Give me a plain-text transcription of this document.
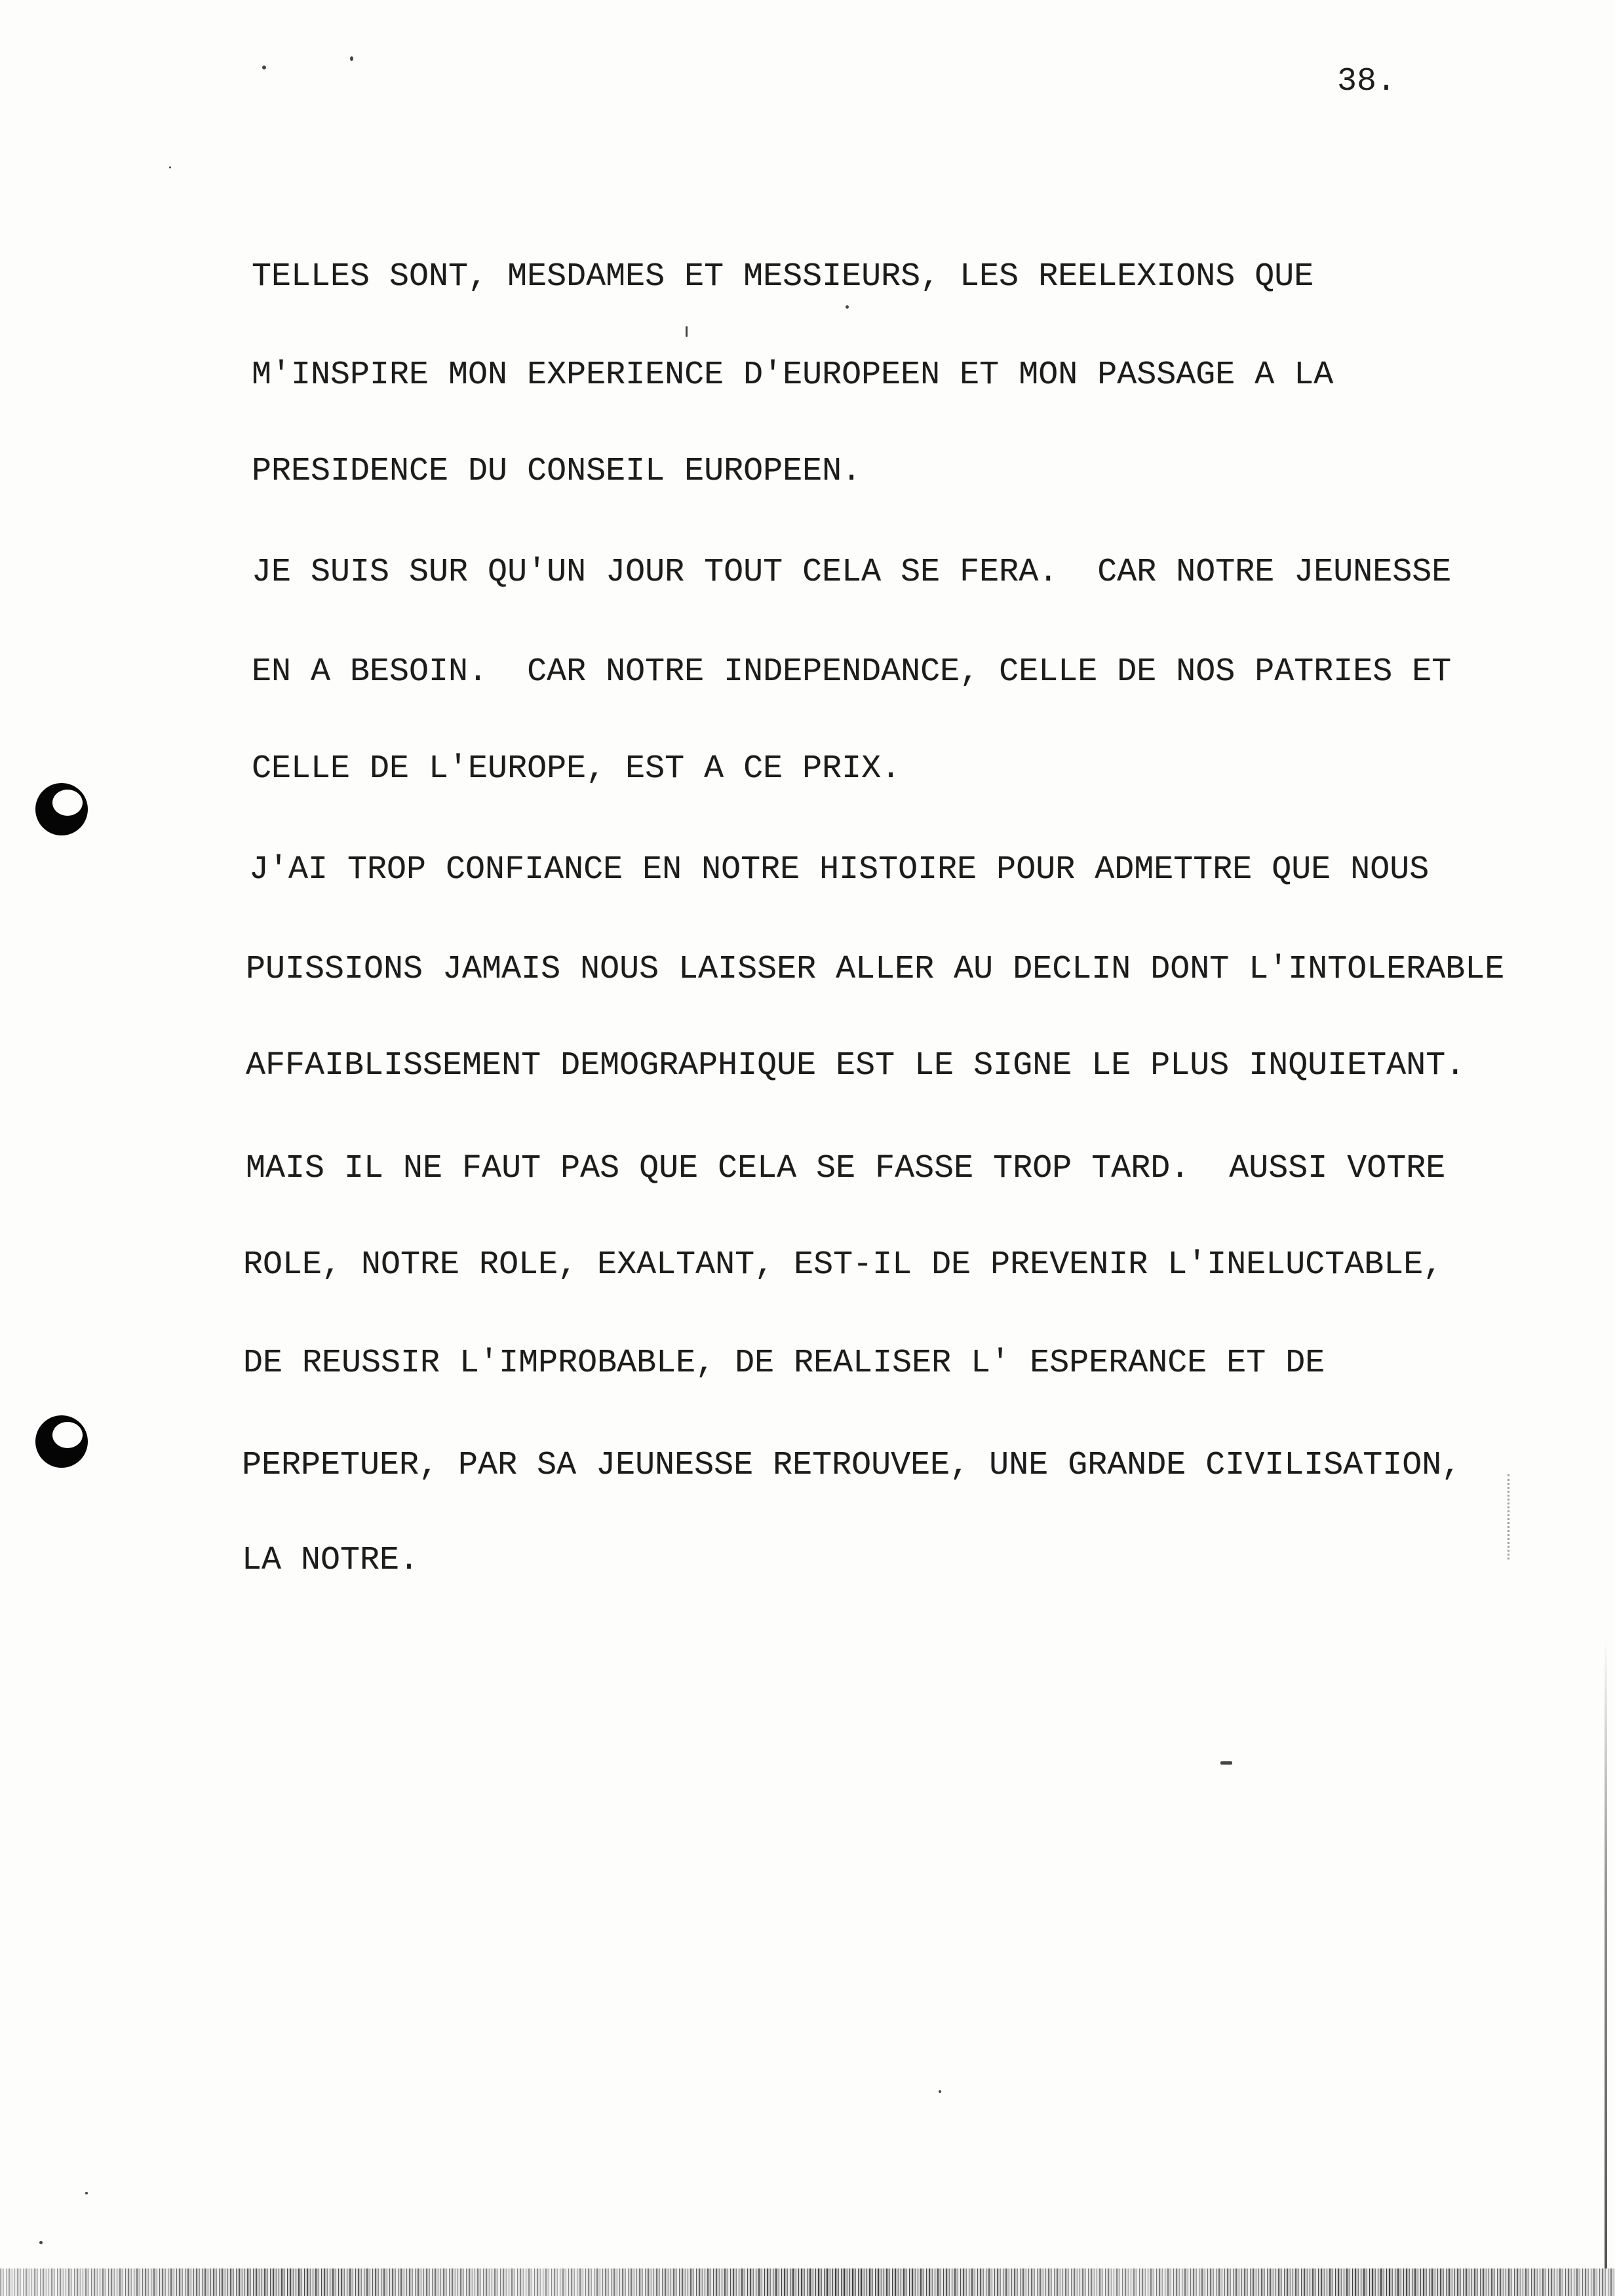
38.
TELLES SONT, MESDAMES ET MESSIEURS, LES REELEXIONS QUE
M'INSPIRE MON EXPERIENCE D'EUROPEEN ET MON PASSAGE A LA
PRESIDENCE DU CONSEIL EUROPEEN.
JE SUIS SUR QU'UN JOUR TOUT CELA SE FERA.  CAR NOTRE JEUNESSE
EN A BESOIN.  CAR NOTRE INDEPENDANCE, CELLE DE NOS PATRIES ET
CELLE DE L'EUROPE, EST A CE PRIX.
J'AI TROP CONFIANCE EN NOTRE HISTOIRE POUR ADMETTRE QUE NOUS
PUISSIONS JAMAIS NOUS LAISSER ALLER AU DECLIN DONT L'INTOLERABLE
AFFAIBLISSEMENT DEMOGRAPHIQUE EST LE SIGNE LE PLUS INQUIETANT.
MAIS IL NE FAUT PAS QUE CELA SE FASSE TROP TARD.  AUSSI VOTRE
ROLE, NOTRE ROLE, EXALTANT, EST-IL DE PREVENIR L'INELUCTABLE,
DE REUSSIR L'IMPROBABLE, DE REALISER L' ESPERANCE ET DE
PERPETUER, PAR SA JEUNESSE RETROUVEE, UNE GRANDE CIVILISATION,
LA NOTRE.
